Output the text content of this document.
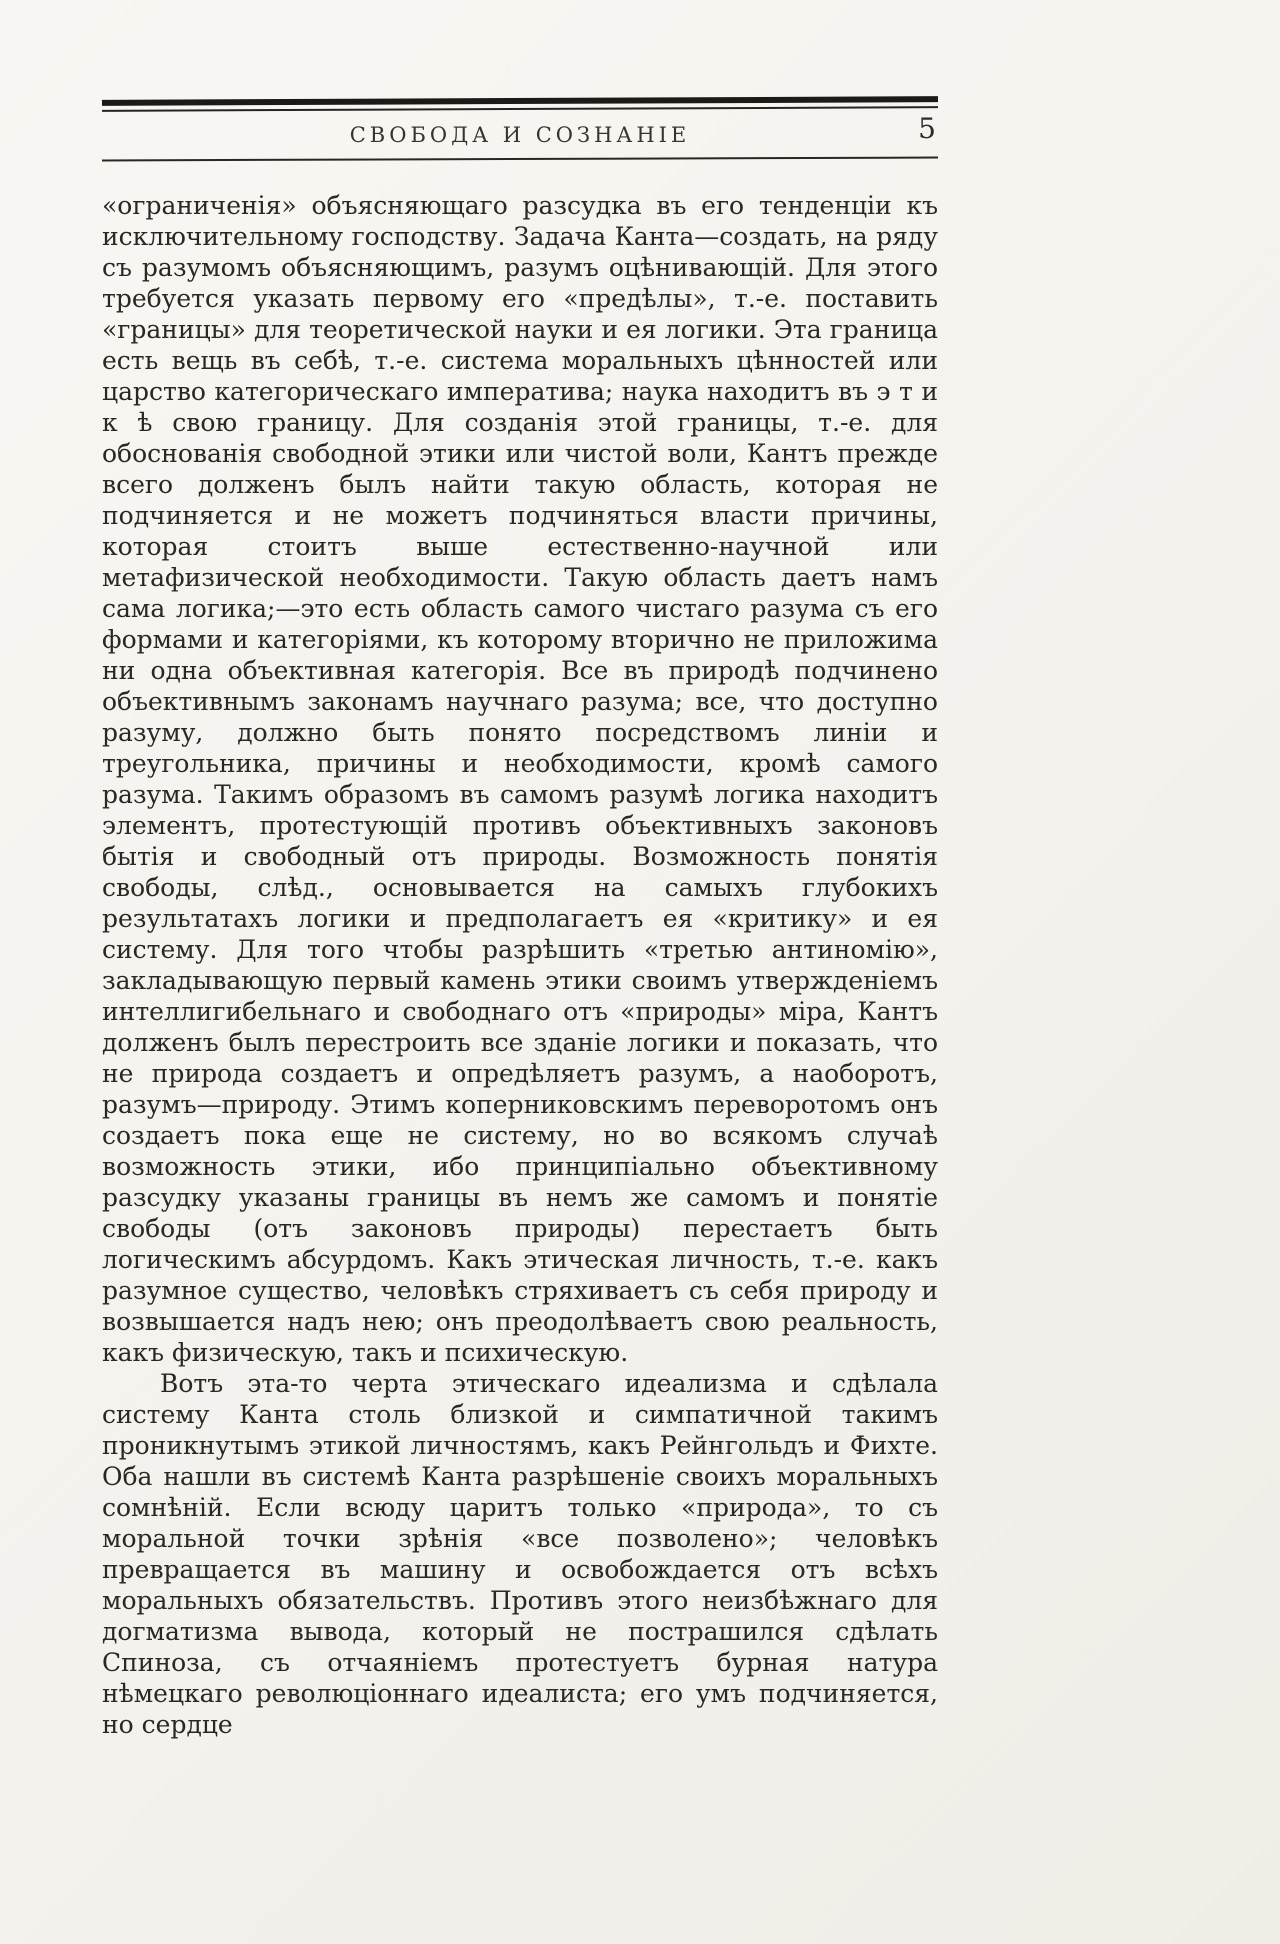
СВОБОДА И СОЗНАНІЕ	5

«ограниченія» объясняющаго разсудка въ его тенденціи къ исключительному господству. Задача Канта—создать, на ряду съ разумомъ объясняющимъ, разумъ оцѣнивающій. Для этого требуется указать первому его «предѣлы», т.-е. поставить «границы» для теоретической науки и ея логики. Эта граница есть вещь въ себѣ, т.-е. система моральныхъ цѣнностей или царство категорическаго императива; наука находитъ въ э т и к ѣ свою границу. Для созданія этой границы, т.-е. для обоснованія свободной этики или чистой воли, Кантъ прежде всего долженъ былъ найти такую область, которая не подчиняется и не можетъ подчиняться власти причины, которая стоитъ выше естественно-научной или метафизической необходимости. Такую область даетъ намъ сама логика;—это есть область самого чистаго разума съ его формами и категоріями, къ которому вторично не приложима ни одна объективная категорія. Все въ природѣ подчинено объективнымъ законамъ научнаго разума; все, что доступно разуму, должно быть понято посредствомъ линіи и треугольника, причины и необходимости, кромѣ самого разума. Такимъ образомъ въ самомъ разумѣ логика находитъ элементъ, протестующій противъ объективныхъ законовъ бытія и свободный отъ природы. Возможность понятія свободы, слѣд., основывается на самыхъ глубокихъ результатахъ логики и предполагаетъ ея «критику» и ея систему. Для того чтобы разрѣшить «третью антиномію», закладывающую первый камень этики своимъ утвержденіемъ интеллигибельнаго и свободнаго отъ «природы» міра, Кантъ долженъ былъ перестроить все зданіе логики и показать, что не природа создаетъ и опредѣляетъ разумъ, а наоборотъ, разумъ—природу. Этимъ коперниковскимъ переворотомъ онъ создаетъ пока еще не систему, но во всякомъ случаѣ возможность этики, ибо принципіально объективному разсудку указаны границы въ немъ же самомъ и понятіе свободы (отъ законовъ природы) перестаетъ быть логическимъ абсурдомъ. Какъ этическая личность, т.-е. какъ разумное существо, человѣкъ стряхиваетъ съ себя природу и возвышается надъ нею; онъ преодолѣваетъ свою реальность, какъ физическую, такъ и психическую.

Вотъ эта-то черта этическаго идеализма и сдѣлала систему Канта столь близкой и симпатичной такимъ проникнутымъ этикой личностямъ, какъ Рейнгольдъ и Фихте. Оба нашли въ системѣ Канта разрѣшеніе своихъ моральныхъ сомнѣній. Если всюду царитъ только «природа», то съ моральной точки зрѣнія «все позволено»; человѣкъ превращается въ машину и освобождается отъ всѣхъ моральныхъ обязательствъ. Противъ этого неизбѣжнаго для догматизма вывода, который не пострашился сдѣлать Спиноза, съ отчаяніемъ протестуетъ бурная натура нѣмецкаго революціоннаго идеалиста; его умъ подчиняется, но сердце
